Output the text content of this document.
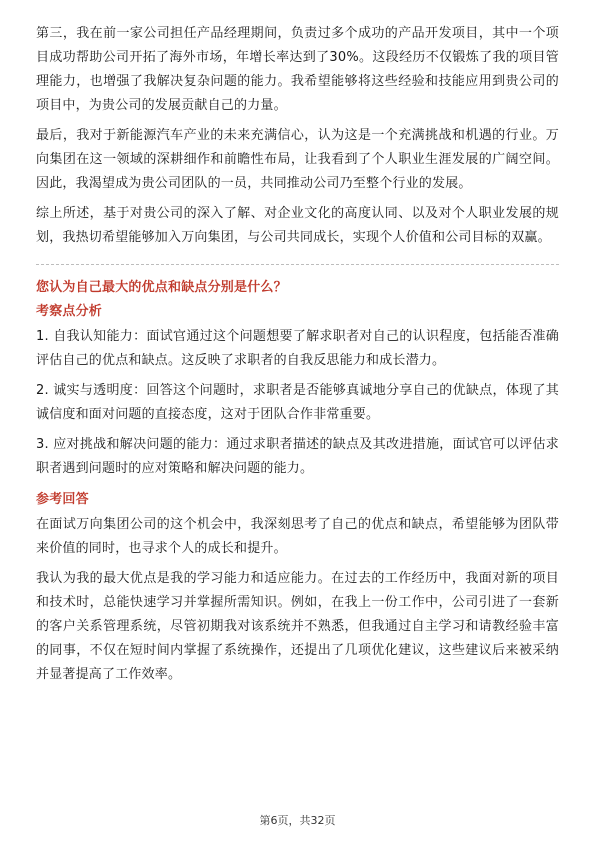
第三，我在前一家公司担任产品经理期间，负责过多个成功的产品开发项目，其中一个项目成功帮助公司开拓了海外市场，年增长率达到了30%。这段经历不仅锻炼了我的项目管理能力，也增强了我解决复杂问题的能力。我希望能够将这些经验和技能应用到贵公司的项目中，为贵公司的发展贡献自己的力量。

最后，我对于新能源汽车产业的未来充满信心，认为这是一个充满挑战和机遇的行业。万向集团在这一领域的深耕细作和前瞻性布局，让我看到了个人职业生涯发展的广阔空间。因此，我渴望成为贵公司团队的一员，共同推动公司乃至整个行业的发展。

综上所述，基于对贵公司的深入了解、对企业文化的高度认同、以及对个人职业发展的规划，我热切希望能够加入万向集团，与公司共同成长，实现个人价值和公司目标的双赢。

您认为自己最大的优点和缺点分别是什么？
考察点分析

1. 自我认知能力：面试官通过这个问题想要了解求职者对自己的认识程度，包括能否准确评估自己的优点和缺点。这反映了求职者的自我反思能力和成长潜力。

2. 诚实与透明度：回答这个问题时，求职者是否能够真诚地分享自己的优缺点，体现了其诚信度和面对问题的直接态度，这对于团队合作非常重要。

3. 应对挑战和解决问题的能力：通过求职者描述的缺点及其改进措施，面试官可以评估求职者遇到问题时的应对策略和解决问题的能力。

参考回答

在面试万向集团公司的这个机会中，我深刻思考了自己的优点和缺点，希望能够为团队带来价值的同时，也寻求个人的成长和提升。

我认为我的最大优点是我的学习能力和适应能力。在过去的工作经历中，我面对新的项目和技术时，总能快速学习并掌握所需知识。例如，在我上一份工作中，公司引进了一套新的客户关系管理系统，尽管初期我对该系统并不熟悉，但我通过自主学习和请教经验丰富的同事，不仅在短时间内掌握了系统操作，还提出了几项优化建议，这些建议后来被采纳并显著提高了工作效率。

第6页，共32页
